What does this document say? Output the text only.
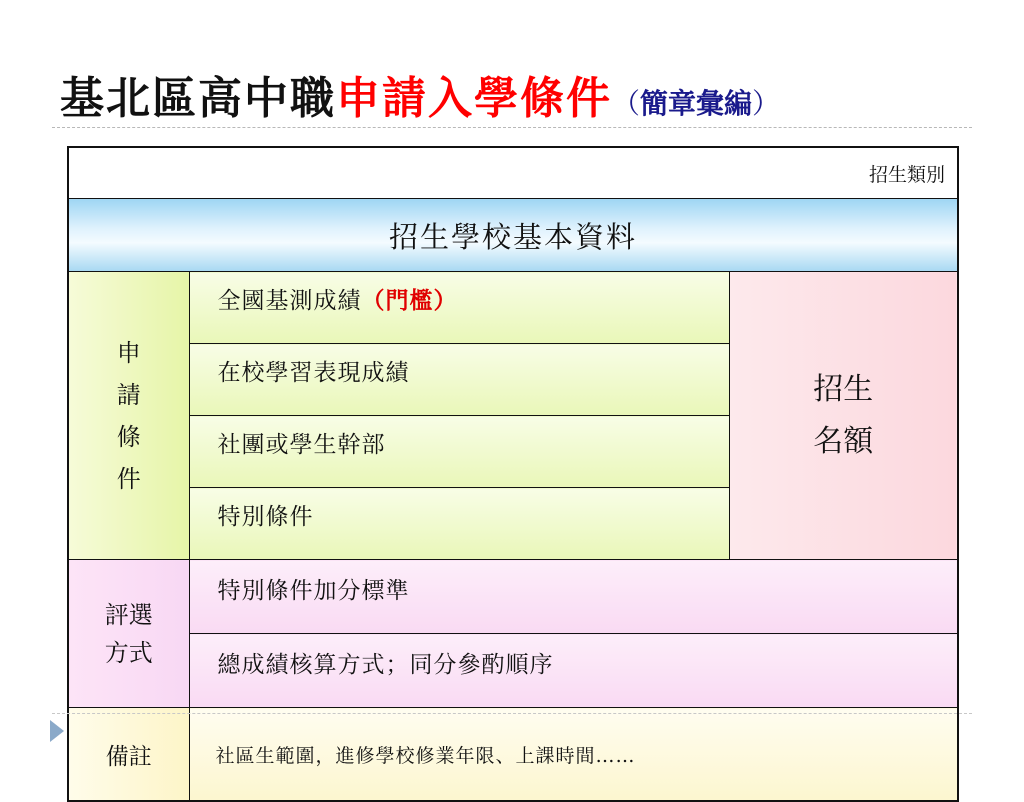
基北區高中職申請入學條件（簡章彙編）
招生類別		
招生學校基本資料		

申
請
條
件	全國基測成績（門檻）	招生
名額

	在校學習表現成績	
	社團或學生幹部	
	特別條件	

評選
方式	特別條件加分標準	
	總成績核算方式；同分參酌順序	
備註	社區生範圍，進修學校修業年限、上課時間……	
